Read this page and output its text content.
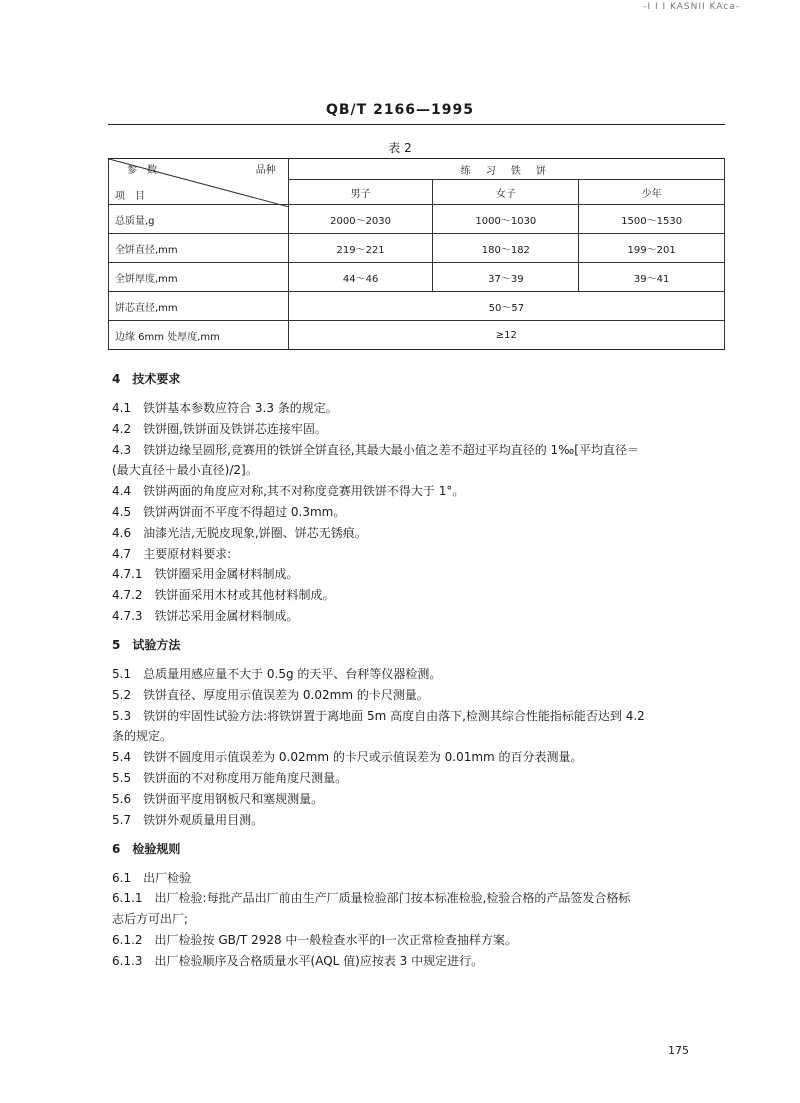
-I I I KASNII KAca-
QB/T 2166—1995
表 2
参　数 品种
项　目	练 习 铁 饼		
	男子	女子	少年
总质量,g	2000～2030	1000～1030	1500～1530
全饼直径,mm	219～221	180～182	199～201
全饼厚度,mm	44～46	37～39	39～41
饼芯直径,mm	50～57		
边缘 6mm 处厚度,mm	≥12		
4 技术要求
4.1 铁饼基本参数应符合 3.3 条的规定。
4.2 铁饼圈,铁饼面及铁饼芯连接牢固。
4.3 铁饼边缘呈圆形,竞赛用的铁饼全饼直径,其最大最小值之差不超过平均直径的 1‰[平均直径＝
(最大直径＋最小直径)/2]。
4.4 铁饼两面的角度应对称,其不对称度竞赛用铁饼不得大于 1°。
4.5 铁饼两饼面不平度不得超过 0.3mm。
4.6 油漆光洁,无脱皮现象,饼圈、饼芯无锈痕。
4.7 主要原材料要求:
4.7.1 铁饼圈采用金属材料制成。
4.7.2 铁饼面采用木材或其他材料制成。
4.7.3 铁饼芯采用金属材料制成。
5 试验方法
5.1 总质量用感应量不大于 0.5g 的天平、台秤等仪器检测。
5.2 铁饼直径、厚度用示值误差为 0.02mm 的卡尺测量。
5.3 铁饼的牢固性试验方法:将铁饼置于离地面 5m 高度自由落下,检测其综合性能指标能否达到 4.2
条的规定。
5.4 铁饼不圆度用示值误差为 0.02mm 的卡尺或示值误差为 0.01mm 的百分表测量。
5.5 铁饼面的不对称度用万能角度尺测量。
5.6 铁饼面平度用钢板尺和塞规测量。
5.7 铁饼外观质量用目测。
6 检验规则
6.1 出厂检验
6.1.1 出厂检验:每批产品出厂前由生产厂质量检验部门按本标准检验,检验合格的产品签发合格标
志后方可出厂;
6.1.2 出厂检验按 GB/T 2928 中一般检查水平的Ⅰ一次正常检查抽样方案。
6.1.3 出厂检验顺序及合格质量水平(AQL 值)应按表 3 中规定进行。
175
